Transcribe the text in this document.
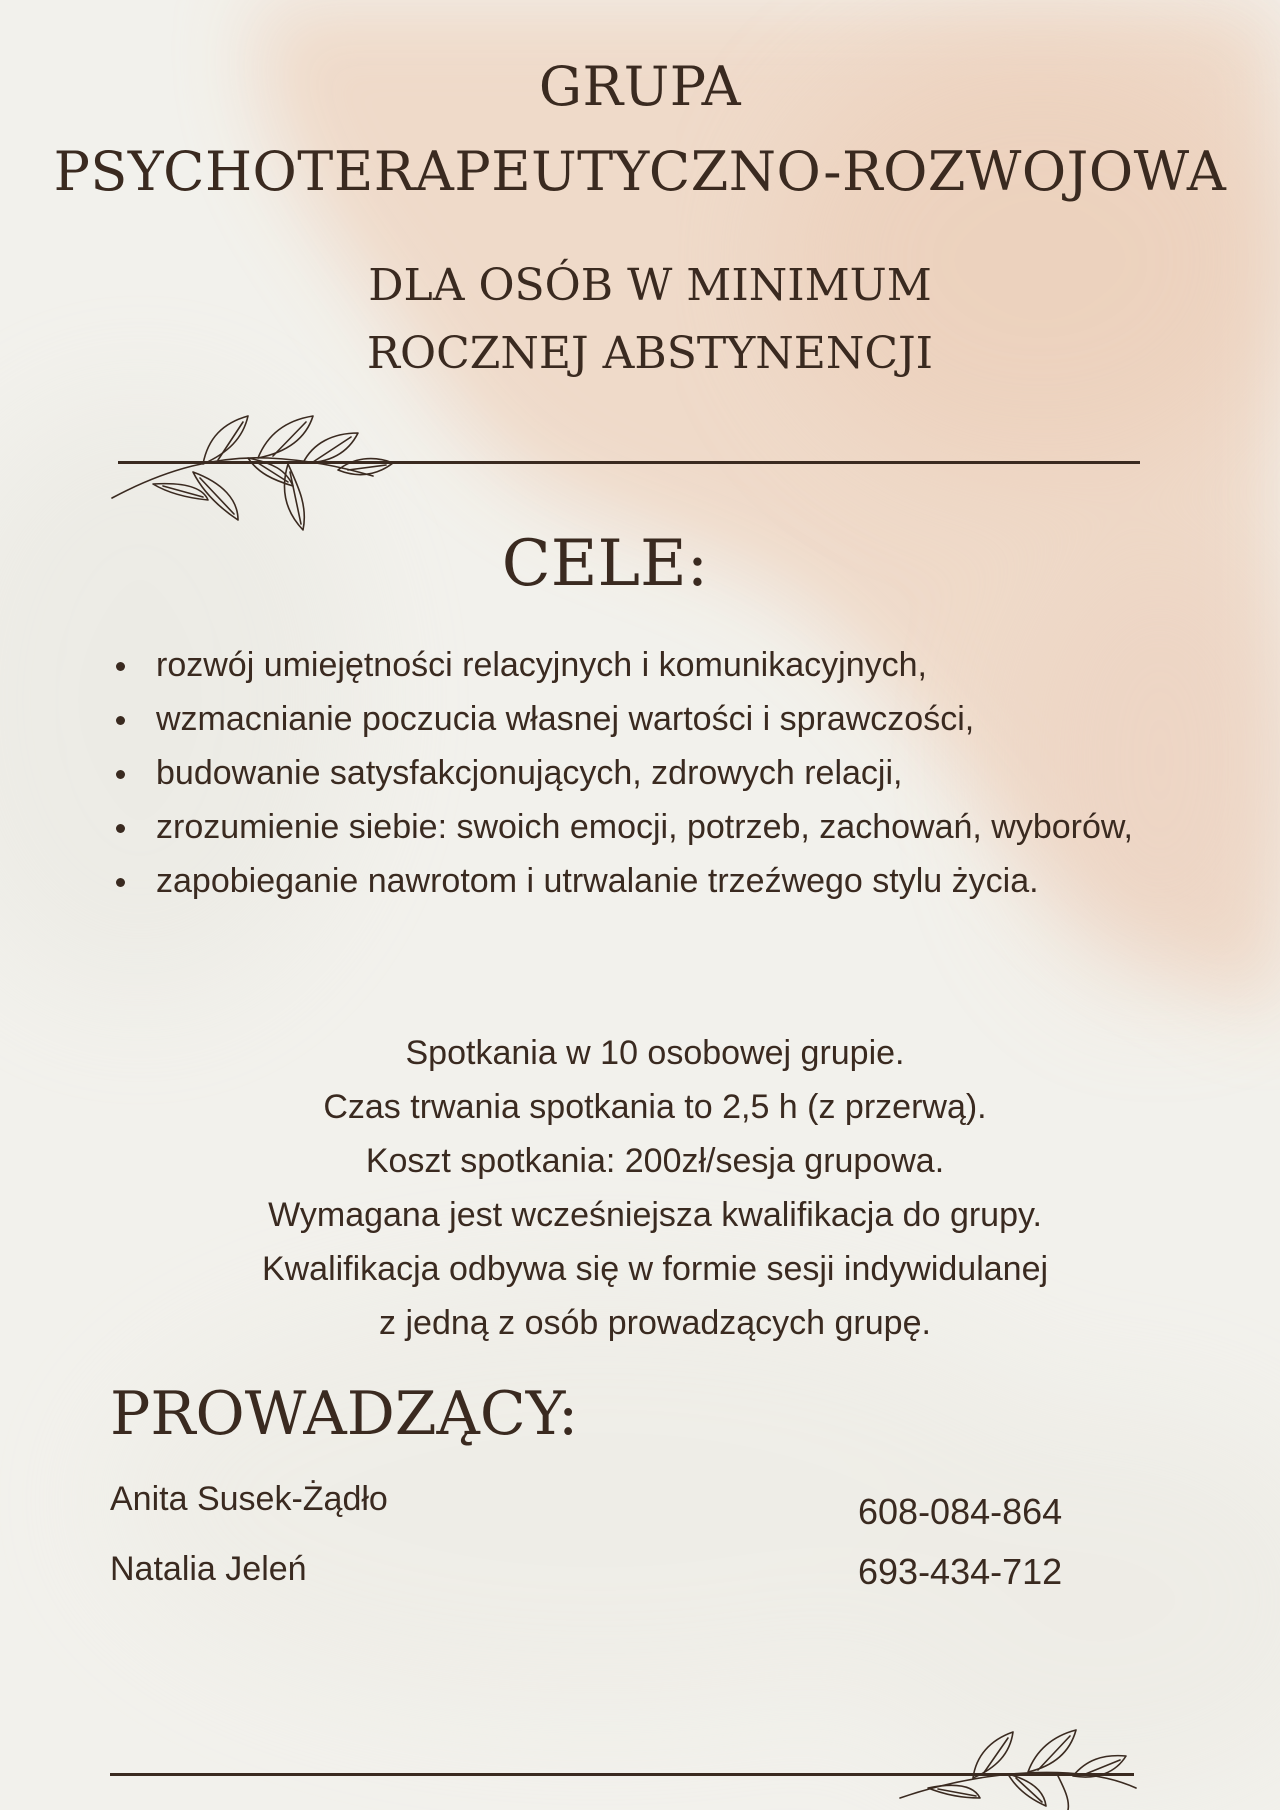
GRUPA
PSYCHOTERAPEUTYCZNO-ROZWOJOWA
DLA OSÓB W MINIMUM
ROCZNEJ ABSTYNENCJI
CELE:
rozwój umiejętności relacyjnych i komunikacyjnych,
wzmacnianie poczucia własnej wartości i sprawczości,
budowanie satysfakcjonujących, zdrowych relacji,
zrozumienie siebie: swoich emocji, potrzeb, zachowań, wyborów,
zapobieganie nawrotom i utrwalanie trzeźwego stylu życia.
Spotkania w 10 osobowej grupie.
Czas trwania spotkania to 2,5 h (z przerwą).
Koszt spotkania: 200zł/sesja grupowa.
Wymagana jest wcześniejsza kwalifikacja do grupy.
Kwalifikacja odbywa się w formie sesji indywidulanej
z jedną z osób prowadzących grupę.
PROWADZĄCY:
Anita Susek-Żądło	608-084-864
Natalia Jeleń	693-434-712
